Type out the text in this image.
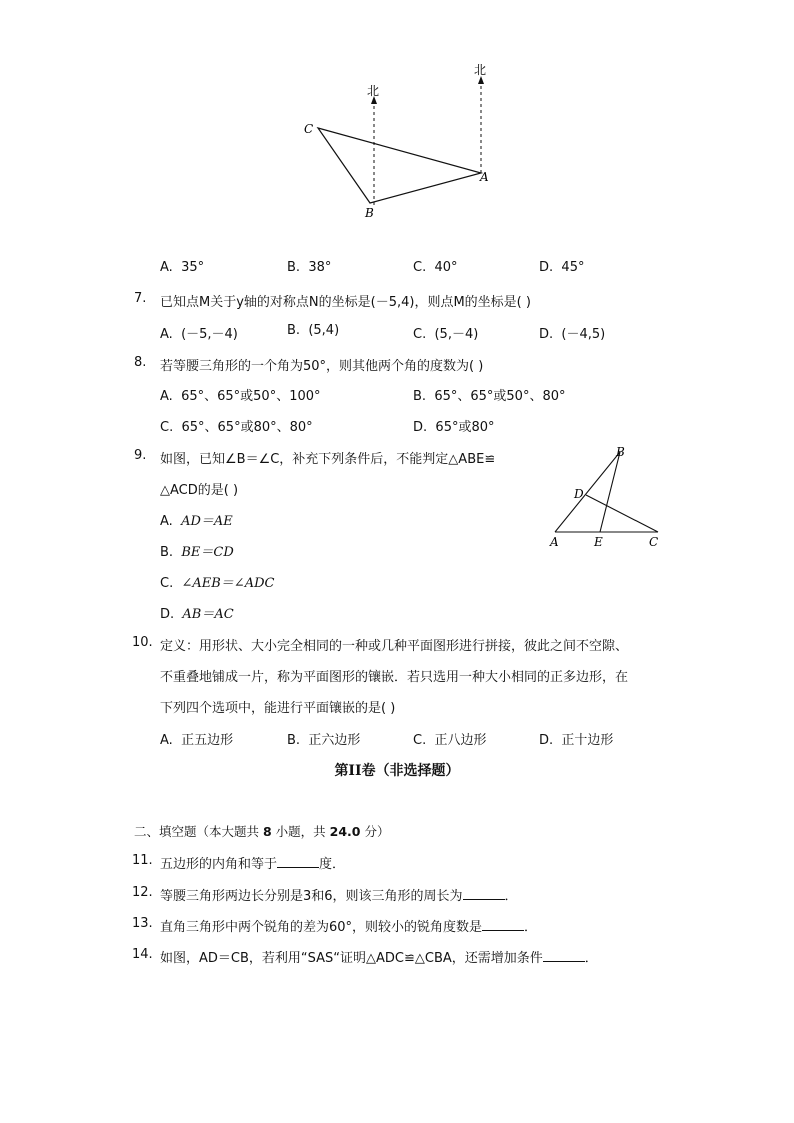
北
北
C
A
B
A. 35°	B. 38°	C. 40°	D. 45°
7. 已知点M关于y轴的对称点N的坐标是(－5,4)，则点M的坐标是( )
A. (－5,－4)	B. (5,4)	C. (5,－4)	D. (－4,5)
8. 若等腰三角形的一个角为50°，则其他两个角的度数为( )
A. 65°、65°或50°、100°	B. 65°、65°或50°、80°
C. 65°、65°或80°、80°	D. 65°或80°
9. 如图，已知∠B＝∠C，补充下列条件后，不能判定△ABE≌
△ACD的是( )
A. AD＝AE
B. BE＝CD
C. ∠AEB＝∠ADC
D. AB＝AC
B
D
A	E	C
10. 定义：用形状、大小完全相同的一种或几种平面图形进行拼接，彼此之间不空隙、
不重叠地铺成一片，称为平面图形的镶嵌．若只选用一种大小相同的正多边形，在
下列四个选项中，能进行平面镶嵌的是( )
A. 正五边形	B. 正六边形	C. 正八边形	D. 正十边形
第II卷（非选择题）
二、填空题（本大题共 8 小题，共 24.0 分）
11. 五边形的内角和等于	度．
12. 等腰三角形两边长分别是3和6，则该三角形的周长为	．
13. 直角三角形中两个锐角的差为60°，则较小的锐角度数是	．
14. 如图，AD＝CB，若利用“SAS“证明△ADC≌△CBA，还需增加条件	．
